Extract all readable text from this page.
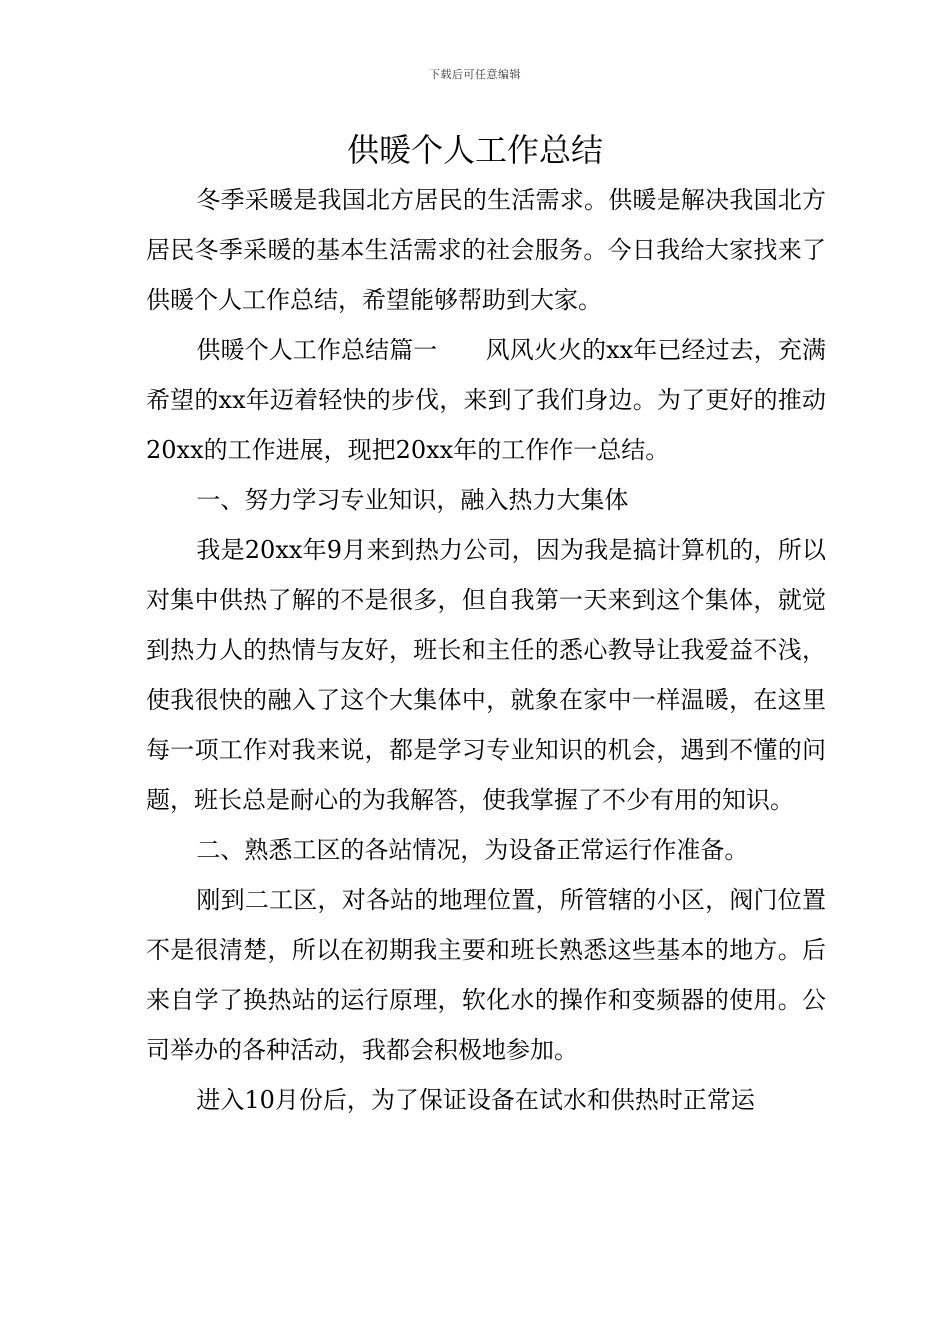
下载后可任意编辑
供暖个人工作总结

冬季采暖是我国北方居民的生活需求。供暖是解决我国北方居民冬季采暖的基本生活需求的社会服务。今日我给大家找来了供暖个人工作总结，希望能够帮助到大家。

供暖个人工作总结篇一　　风风火火的xx年已经过去，充满希望的xx年迈着轻快的步伐，来到了我们身边。为了更好的推动20xx的工作进展，现把20xx年的工作作一总结。

一、努力学习专业知识，融入热力大集体

我是20xx年9月来到热力公司，因为我是搞计算机的，所以对集中供热了解的不是很多，但自我第一天来到这个集体，就觉到热力人的热情与友好，班长和主任的悉心教导让我爱益不浅，使我很快的融入了这个大集体中，就象在家中一样温暖，在这里每一项工作对我来说，都是学习专业知识的机会，遇到不懂的问题，班长总是耐心的为我解答，使我掌握了不少有用的知识。

二、熟悉工区的各站情况，为设备正常运行作准备。

刚到二工区，对各站的地理位置，所管辖的小区，阀门位置不是很清楚，所以在初期我主要和班长熟悉这些基本的地方。后来自学了换热站的运行原理，软化水的操作和变频器的使用。公司举办的各种活动，我都会积极地参加。

进入10月份后，为了保证设备在试水和供热时正常运
